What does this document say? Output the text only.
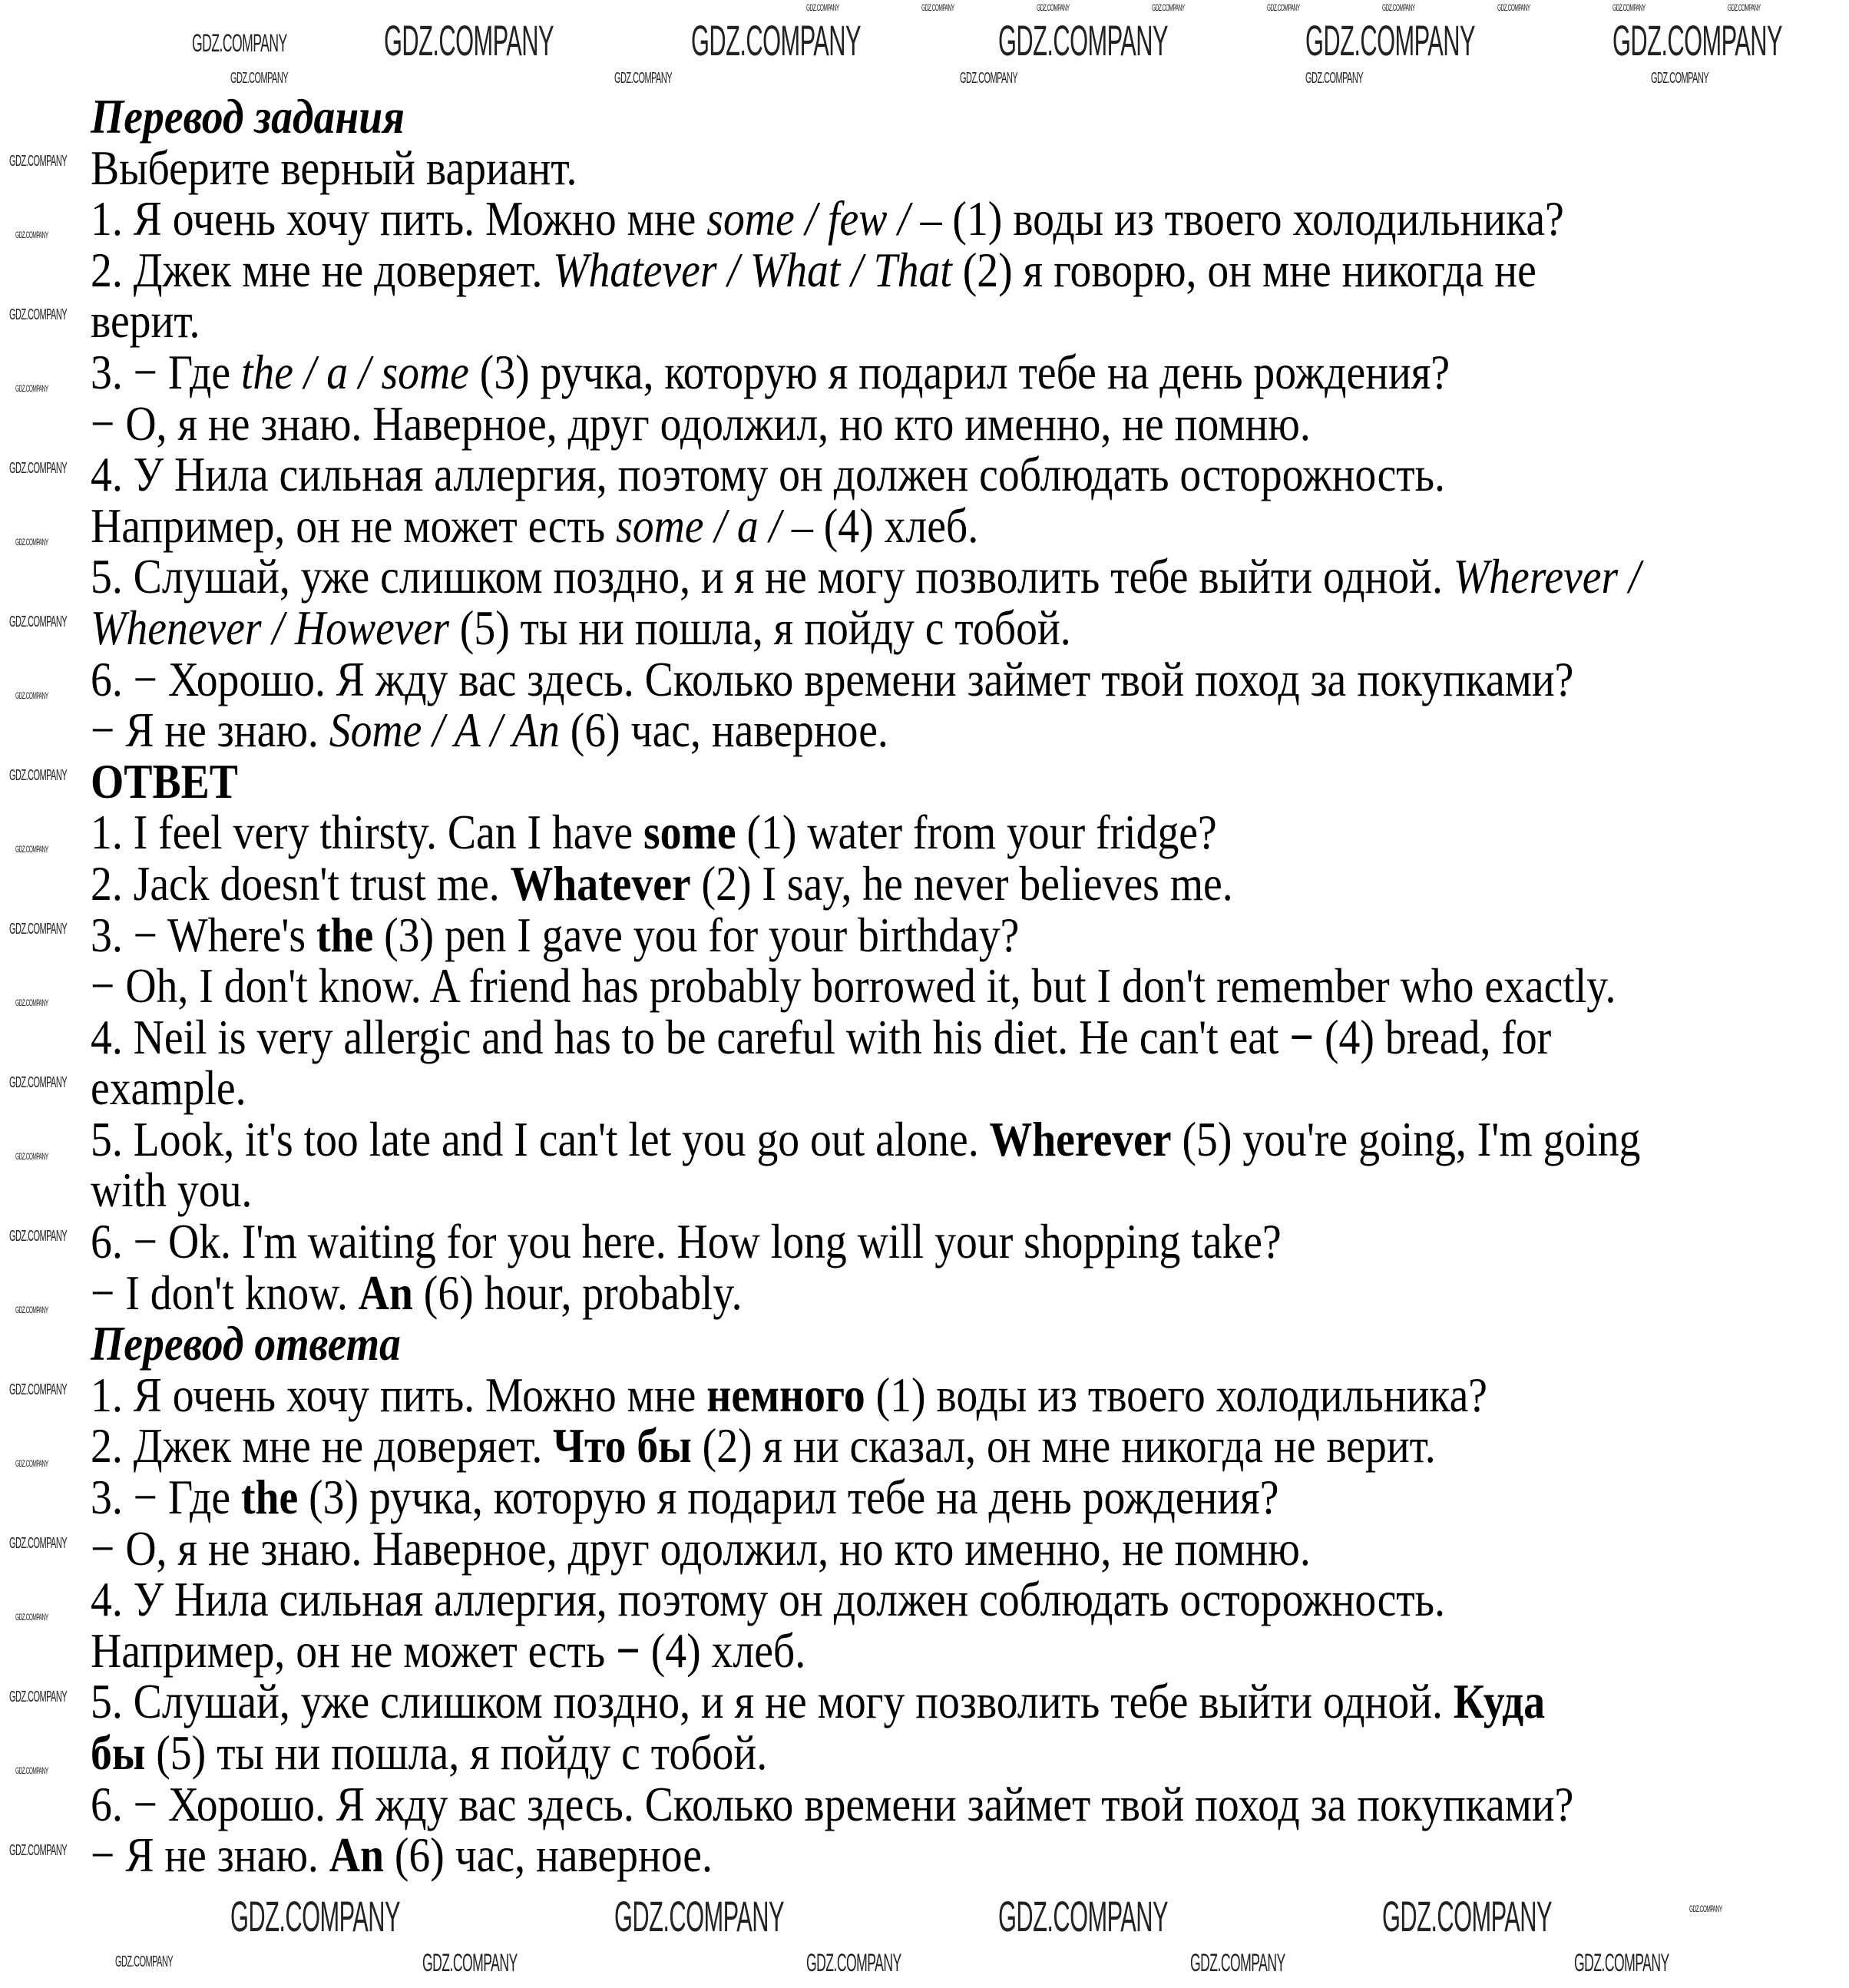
Перевод задания
Выберите верный вариант.
1. Я очень хочу пить. Можно мне some / few / – (1) воды из твоего холодильника?
2. Джек мне не доверяет. Whatever / What / That (2) я говорю, он мне никогда не
верит.
3. − Где the / a / some (3) ручка, которую я подарил тебе на день рождения?
− О, я не знаю. Наверное, друг одолжил, но кто именно, не помню.
4. У Нила сильная аллергия, поэтому он должен соблюдать осторожность.
Например, он не может есть some / a / – (4) хлеб.
5. Слушай, уже слишком поздно, и я не могу позволить тебе выйти одной. Wherever /
Whenever / However (5) ты ни пошла, я пойду с тобой.
6. − Хорошо. Я жду вас здесь. Сколько времени займет твой поход за покупками?
− Я не знаю. Some / A / An (6) час, наверное.
ОТВЕТ
1. I feel very thirsty. Can I have some (1) water from your fridge?
2. Jack doesn't trust me. Whatever (2) I say, he never believes me.
3. − Where's the (3) pen I gave you for your birthday?
− Oh, I don't know. A friend has probably borrowed it, but I don't remember who exactly.
4. Neil is very allergic and has to be careful with his diet. He can't eat − (4) bread, for
example.
5. Look, it's too late and I can't let you go out alone. Wherever (5) you're going, I'm going
with you.
6. − Ok. I'm waiting for you here. How long will your shopping take?
− I don't know. An (6) hour, probably.
Перевод ответа
1. Я очень хочу пить. Можно мне немного (1) воды из твоего холодильника?
2. Джек мне не доверяет. Что бы (2) я ни сказал, он мне никогда не верит.
3. − Где the (3) ручка, которую я подарил тебе на день рождения?
− О, я не знаю. Наверное, друг одолжил, но кто именно, не помню.
4. У Нила сильная аллергия, поэтому он должен соблюдать осторожность.
Например, он не может есть − (4) хлеб.
5. Слушай, уже слишком поздно, и я не могу позволить тебе выйти одной. Куда
бы (5) ты ни пошла, я пойду с тобой.
6. − Хорошо. Я жду вас здесь. Сколько времени займет твой поход за покупками?
− Я не знаю. An (6) час, наверное.
GDZ.COMPANY	GDZ.COMPANY	GDZ.COMPANY	GDZ.COMPANY	GDZ.COMPANY	GDZ.COMPANY	GDZ.COMPANY	GDZ.COMPANY	GDZ.COMPANY
GDZ.COMPANY	GDZ.COMPANY	GDZ.COMPANY	GDZ.COMPANY	GDZ.COMPANY
GDZ.COMPANY
GDZ.COMPANY	GDZ.COMPANY	GDZ.COMPANY	GDZ.COMPANY	GDZ.COMPANY
GDZ.COMPANY	GDZ.COMPANY	GDZ.COMPANY	GDZ.COMPANY	GDZ.COMPANY
GDZ.COMPANY	GDZ.COMPANY	GDZ.COMPANY	GDZ.COMPANY
GDZ.COMPANY
GDZ.COMPANY
GDZ.COMPANY
GDZ.COMPANY
GDZ.COMPANY
GDZ.COMPANY
GDZ.COMPANY
GDZ.COMPANY
GDZ.COMPANY
GDZ.COMPANY
GDZ.COMPANY
GDZ.COMPANY
GDZ.COMPANY
GDZ.COMPANY
GDZ.COMPANY
GDZ.COMPANY
GDZ.COMPANY
GDZ.COMPANY
GDZ.COMPANY
GDZ.COMPANY
GDZ.COMPANY
GDZ.COMPANY
GDZ.COMPANY
GDZ.COMPANY
